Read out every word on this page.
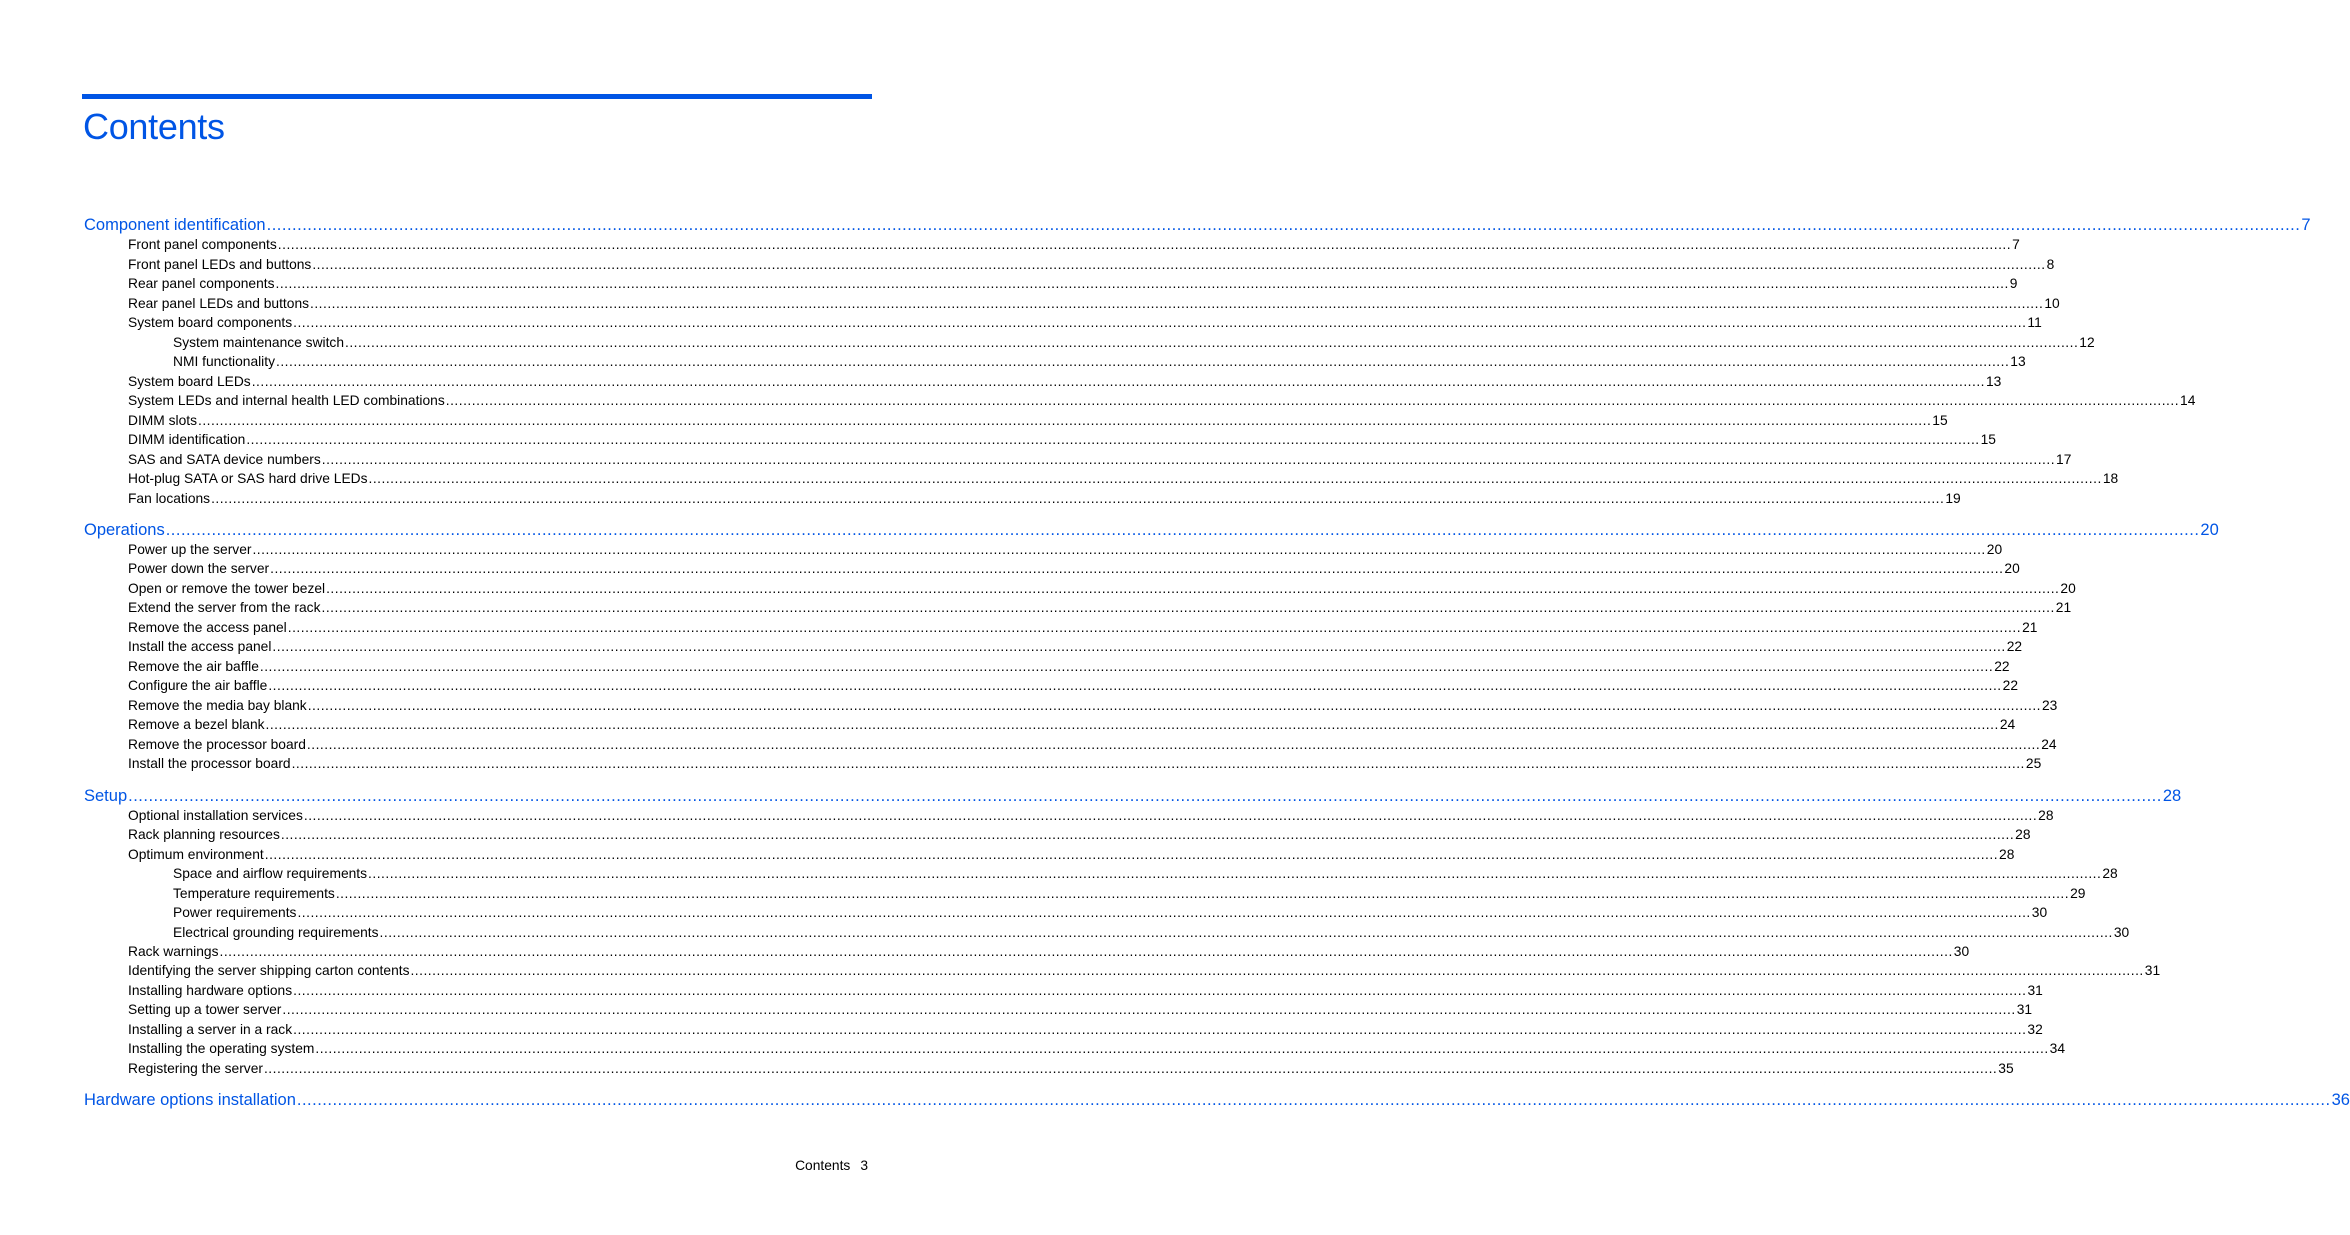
Contents
Component identification ................................................................................................................................................................................................................................................................................................................................................................................................................ 7
Front panel components ................................................................................................................................................................................................................................................................................................................................................................................................................ 7
Front panel LEDs and buttons ................................................................................................................................................................................................................................................................................................................................................................................................................ 8
Rear panel components ................................................................................................................................................................................................................................................................................................................................................................................................................ 9
Rear panel LEDs and buttons ................................................................................................................................................................................................................................................................................................................................................................................................................ 10
System board components ................................................................................................................................................................................................................................................................................................................................................................................................................ 11
System maintenance switch ................................................................................................................................................................................................................................................................................................................................................................................................................ 12
NMI functionality ................................................................................................................................................................................................................................................................................................................................................................................................................ 13
System board LEDs ................................................................................................................................................................................................................................................................................................................................................................................................................ 13
System LEDs and internal health LED combinations ................................................................................................................................................................................................................................................................................................................................................................................................................ 14
DIMM slots ................................................................................................................................................................................................................................................................................................................................................................................................................ 15
DIMM identification ................................................................................................................................................................................................................................................................................................................................................................................................................ 15
SAS and SATA device numbers ................................................................................................................................................................................................................................................................................................................................................................................................................ 17
Hot-plug SATA or SAS hard drive LEDs ................................................................................................................................................................................................................................................................................................................................................................................................................ 18
Fan locations ................................................................................................................................................................................................................................................................................................................................................................................................................ 19
Operations ................................................................................................................................................................................................................................................................................................................................................................................................................ 20
Power up the server ................................................................................................................................................................................................................................................................................................................................................................................................................ 20
Power down the server ................................................................................................................................................................................................................................................................................................................................................................................................................ 20
Open or remove the tower bezel ................................................................................................................................................................................................................................................................................................................................................................................................................ 20
Extend the server from the rack ................................................................................................................................................................................................................................................................................................................................................................................................................ 21
Remove the access panel ................................................................................................................................................................................................................................................................................................................................................................................................................ 21
Install the access panel ................................................................................................................................................................................................................................................................................................................................................................................................................ 22
Remove the air baffle ................................................................................................................................................................................................................................................................................................................................................................................................................ 22
Configure the air baffle ................................................................................................................................................................................................................................................................................................................................................................................................................ 22
Remove the media bay blank ................................................................................................................................................................................................................................................................................................................................................................................................................ 23
Remove a bezel blank ................................................................................................................................................................................................................................................................................................................................................................................................................ 24
Remove the processor board ................................................................................................................................................................................................................................................................................................................................................................................................................ 24
Install the processor board ................................................................................................................................................................................................................................................................................................................................................................................................................ 25
Setup ................................................................................................................................................................................................................................................................................................................................................................................................................ 28
Optional installation services ................................................................................................................................................................................................................................................................................................................................................................................................................ 28
Rack planning resources ................................................................................................................................................................................................................................................................................................................................................................................................................ 28
Optimum environment ................................................................................................................................................................................................................................................................................................................................................................................................................ 28
Space and airflow requirements ................................................................................................................................................................................................................................................................................................................................................................................................................ 28
Temperature requirements ................................................................................................................................................................................................................................................................................................................................................................................................................ 29
Power requirements ................................................................................................................................................................................................................................................................................................................................................................................................................ 30
Electrical grounding requirements ................................................................................................................................................................................................................................................................................................................................................................................................................ 30
Rack warnings ................................................................................................................................................................................................................................................................................................................................................................................................................ 30
Identifying the server shipping carton contents ................................................................................................................................................................................................................................................................................................................................................................................................................ 31
Installing hardware options ................................................................................................................................................................................................................................................................................................................................................................................................................ 31
Setting up a tower server ................................................................................................................................................................................................................................................................................................................................................................................................................ 31
Installing a server in a rack ................................................................................................................................................................................................................................................................................................................................................................................................................ 32
Installing the operating system ................................................................................................................................................................................................................................................................................................................................................................................................................ 34
Registering the server ................................................................................................................................................................................................................................................................................................................................................................................................................ 35
Hardware options installation ................................................................................................................................................................................................................................................................................................................................................................................................................ 36
Contents 3
